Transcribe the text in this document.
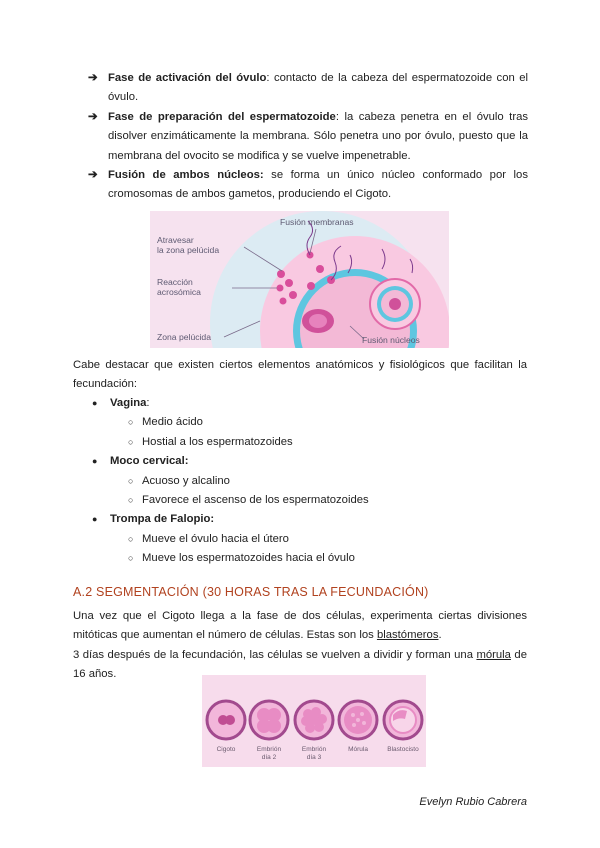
➔ Fase de activación del óvulo: contacto de la cabeza del espermatozoide con el óvulo.

➔ Fase de preparación del espermatozoide: la cabeza penetra en el óvulo tras disolver enzimáticamente la membrana. Sólo penetra uno por óvulo, puesto que la membrana del ovocito se modifica y se vuelve impenetrable.

➔ Fusión de ambos núcleos: se forma un único núcleo conformado por los cromosomas de ambos gametos, produciendo el Cigoto.

Fusión membranas
Atravesar
la zona pelúcida
Reacción
acrosómica
Zona pelúcida	Fusión núcleos
Cabe destacar que existen ciertos elementos anatómicos y fisiológicos que facilitan la fecundación:
● Vagina:
○ Medio ácido
○ Hostial a los espermatozoides
● Moco cervical:
○ Acuoso y alcalino
○ Favorece el ascenso de los espermatozoides
● Trompa de Falopio:
○ Mueve el óvulo hacia el útero
○ Mueve los espermatozoides hacia el óvulo
A.2 SEGMENTACIÓN (30 HORAS TRAS LA FECUNDACIÓN)
Una vez que el Cigoto llega a la fase de dos células, experimenta ciertas divisiones mitóticas que aumentan el número de células. Estas son los blastómeros.
3 días después de la fecundación, las células se vuelven a dividir y forman una mórula de 16 años.
Cigoto	Embrión
día 2
Embrión
día 3
Mórula	Blastocisto
Evelyn Rubio Cabrera
